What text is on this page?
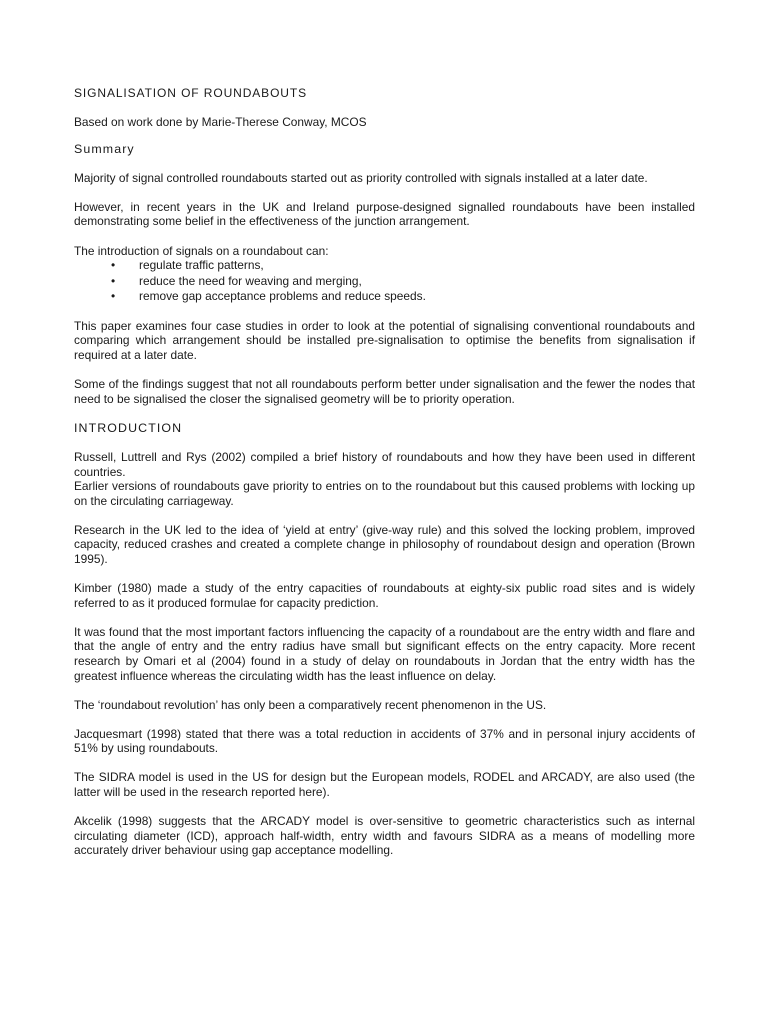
SIGNALISATION OF ROUNDABOUTS
Based on work done by Marie-Therese Conway, MCOS
Summary

Majority of signal controlled roundabouts started out as priority controlled with signals installed at a later date.

However, in recent years in the UK and Ireland purpose-designed signalled roundabouts have been installed demonstrating some belief in the effectiveness of the junction arrangement.

The introduction of signals on a roundabout can:

• regulate traffic patterns,
• reduce the need for weaving and merging,
• remove gap acceptance problems and reduce speeds.

This paper examines four case studies in order to look at the potential of signalising conventional roundabouts and comparing which arrangement should be installed pre-signalisation to optimise the benefits from signalisation if required at a later date.

Some of the findings suggest that not all roundabouts perform better under signalisation and the fewer the nodes that need to be signalised the closer the signalised geometry will be to priority operation.

INTRODUCTION

Russell, Luttrell and Rys (2002) compiled a brief history of roundabouts and how they have been used in different countries.

Earlier versions of roundabouts gave priority to entries on to the roundabout but this caused problems with locking up on the circulating carriageway.

Research in the UK led to the idea of ‘yield at entry’ (give-way rule) and this solved the locking problem, improved capacity, reduced crashes and created a complete change in philosophy of roundabout design and operation (Brown 1995).

Kimber (1980) made a study of the entry capacities of roundabouts at eighty-six public road sites and is widely referred to as it produced formulae for capacity prediction.

It was found that the most important factors influencing the capacity of a roundabout are the entry width and flare and that the angle of entry and the entry radius have small but significant effects on the entry capacity. More recent research by Omari et al (2004) found in a study of delay on roundabouts in Jordan that the entry width has the greatest influence whereas the circulating width has the least influence on delay.

The ‘roundabout revolution’ has only been a comparatively recent phenomenon in the US.

Jacquesmart (1998) stated that there was a total reduction in accidents of 37% and in personal injury accidents of 51% by using roundabouts.

The SIDRA model is used in the US for design but the European models, RODEL and ARCADY, are also used (the latter will be used in the research reported here).

Akcelik (1998) suggests that the ARCADY model is over-sensitive to geometric characteristics such as internal circulating diameter (ICD), approach half-width, entry width and favours SIDRA as a means of modelling more accurately driver behaviour using gap acceptance modelling.
